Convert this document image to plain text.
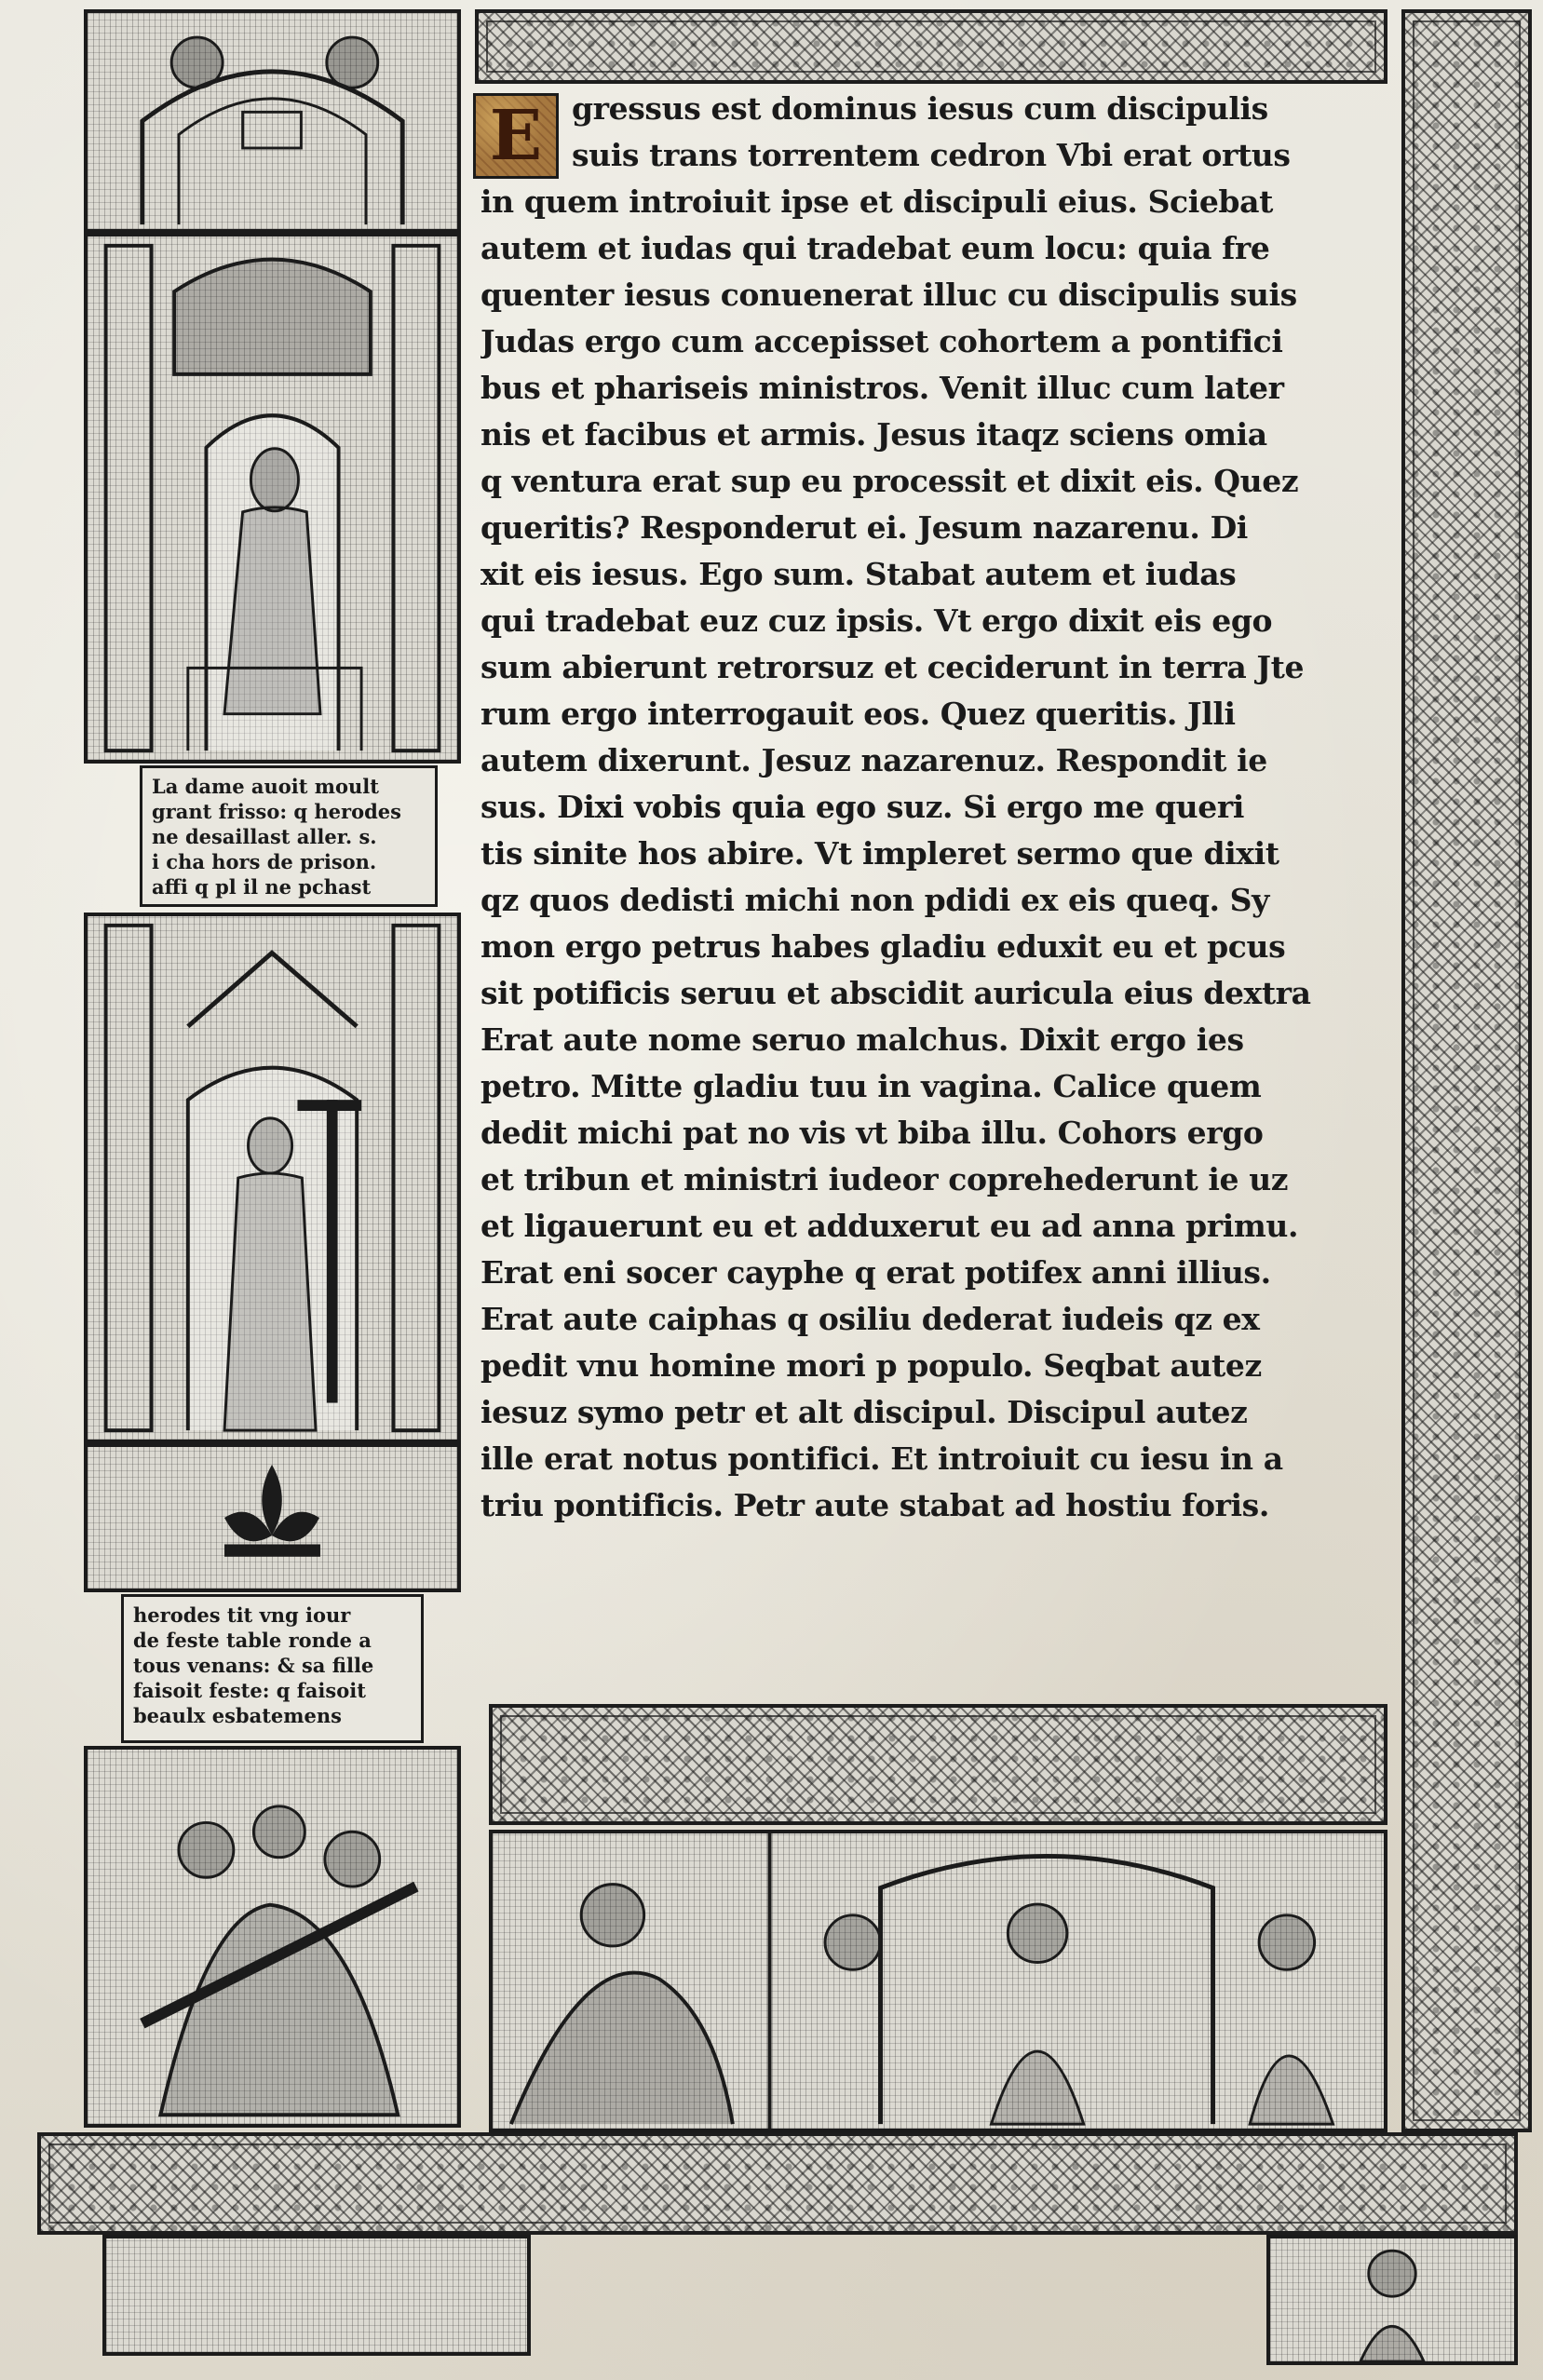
La dame auoit moult
grant frisso: q herodes
ne desaillast aller. s.
i cha hors de prison.
affi q pl il ne pchast
herodes tit vng iour
de feste table ronde a
tous venans: & sa fille
faisoit feste: q faisoit
beaulx esbatemens
E gressus est dominus iesus cum discipulis
suis trans torrentem cedron Vbi erat ortus
in quem introiuit ipse et discipuli eius. Sciebat
autem et iudas qui tradebat eum locu: quia fre
quenter iesus conuenerat illuc cu discipulis suis
Judas ergo cum accepisset cohortem a pontifici
bus et phariseis ministros. Venit illuc cum later
nis et facibus et armis. Jesus itaqz sciens omia
q ventura erat sup eu processit et dixit eis. Quez
queritis? Responderut ei. Jesum nazarenu. Di
xit eis iesus. Ego sum. Stabat autem et iudas
qui tradebat euz cuz ipsis. Vt ergo dixit eis ego
sum abierunt retrorsuz et ceciderunt in terra Jte
rum ergo interrogauit eos. Quez queritis. Jlli
autem dixerunt. Jesuz nazarenuz. Respondit ie
sus. Dixi vobis quia ego suz. Si ergo me queri
tis sinite hos abire. Vt impleret sermo que dixit
qz quos dedisti michi non pdidi ex eis queq. Sy
mon ergo petrus habes gladiu eduxit eu et pcus
sit potificis seruu et abscidit auricula eius dextra
Erat aute nome seruo malchus. Dixit ergo ies
petro. Mitte gladiu tuu in vagina. Calice quem
dedit michi pat no vis vt biba illu. Cohors ergo
et tribun et ministri iudeor coprehederunt ie uz
et ligauerunt eu et adduxerut eu ad anna primu.
Erat eni socer cayphe q erat potifex anni illius.
Erat aute caiphas q osiliu dederat iudeis qz ex
pedit vnu homine mori p populo. Seqbat autez
iesuz symo petr et alt discipul. Discipul autez
ille erat notus pontifici. Et introiuit cu iesu in a
triu pontificis. Petr aute stabat ad hostiu foris.
